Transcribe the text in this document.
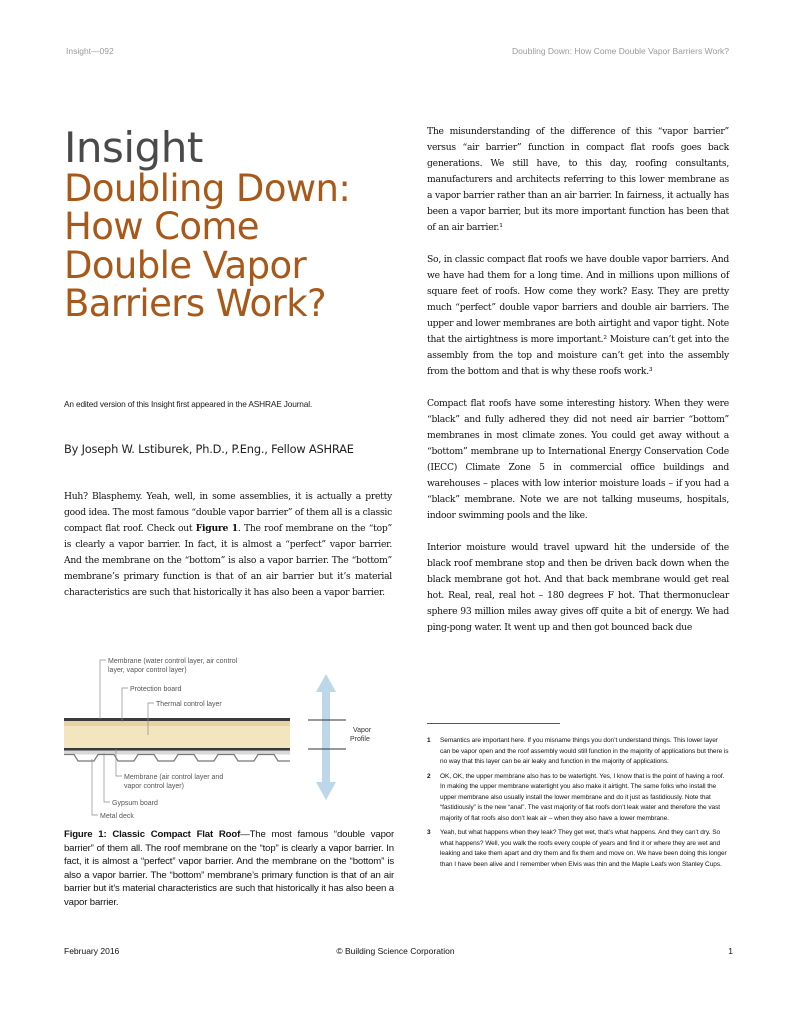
Insight—092	Doubling Down: How Come Double Vapor Barriers Work?
Insight
Doubling Down:
How Come
Double Vapor
Barriers Work?
An edited version of this Insight first appeared in the ASHRAE Journal.
By Joseph W. Lstiburek, Ph.D., P.Eng., Fellow ASHRAE

Huh? Blasphemy. Yeah, well, in some assemblies, it is actually a pretty good idea. The most famous “double vapor barrier” of them all is a classic compact flat roof. Check out Figure 1. The roof membrane on the “top” is clearly a vapor barrier. In fact, it is almost a “perfect” vapor barrier. And the membrane on the “bottom” is also a vapor barrier. The “bottom” membrane’s primary function is that of an air barrier but it’s material characteristics are such that historically it has also been a vapor barrier.

Membrane (water control layer, air control
layer, vapor control layer)
Protection board
Thermal control layer
Membrane (air control layer and
vapor control layer)
Gypsum board
Metal deck
Vapor
Profile
Figure 1: Classic Compact Flat Roof—The most famous “double vapor barrier” of them all. The roof membrane on the “top” is clearly a vapor barrier. In fact, it is almost a “perfect” vapor barrier. And the membrane on the “bottom” is also a vapor barrier. The “bottom” membrane’s primary function is that of an air barrier but it’s material characteristics are such that historically it has also been a vapor barrier.

The misunderstanding of the difference of this “vapor barrier” versus “air barrier” function in compact flat roofs goes back generations. We still have, to this day, roofing consultants, manufacturers and architects referring to this lower membrane as a vapor barrier rather than an air barrier. In fairness, it actually has been a vapor barrier, but its more important function has been that of an air barrier.¹

So, in classic compact flat roofs we have double vapor barriers. And we have had them for a long time. And in millions upon millions of square feet of roofs. How come they work? Easy. They are pretty much “perfect” double vapor barriers and double air barriers. The upper and lower membranes are both airtight and vapor tight. Note that the airtightness is more important.² Moisture can’t get into the assembly from the top and moisture can’t get into the assembly from the bottom and that is why these roofs work.³

Compact flat roofs have some interesting history. When they were “black” and fully adhered they did not need air barrier “bottom” membranes in most climate zones. You could get away without a “bottom” membrane up to International Energy Conservation Code (IECC) Climate Zone 5 in commercial office buildings and warehouses – places with low interior moisture loads – if you had a “black” membrane. Note we are not talking museums, hospitals, indoor swimming pools and the like.

Interior moisture would travel upward hit the underside of the black roof membrane stop and then be driven back down when the black membrane got hot. And that back membrane would get real hot. Real, real, real hot – 180 degrees F hot. That thermonuclear sphere 93 million miles away gives off quite a bit of energy. We had ping-pong water. It went up and then got bounced back due

1	Semantics are important here. If you misname things you don’t understand things. This lower layer can be vapor open and the roof assembly would still function in the majority of applications but there is no way that this layer can be air leaky and function in the majority of applications.
2	OK, OK, the upper membrane also has to be watertight. Yes, I know that is the point of having a roof. In making the upper membrane watertight you also make it airtight. The same folks who install the upper membrane also usually install the lower membrane and do it just as fastidiously. Note that “fastidiously” is the new “anal”. The vast majority of flat roofs don’t leak water and therefore the vast majority of flat roofs also don’t leak air – when they also have a lower membrane.
3	Yeah, but what happens when they leak? They get wet, that’s what happens. And they can’t dry. So what happens? Well, you walk the roofs every couple of years and find it or where they are wet and leaking and take them apart and dry them and fix them and move on. We have been doing this longer than I have been alive and I remember when Elvis was thin and the Maple Leafs won Stanley Cups.
February 2016	© Building Science Corporation	1
